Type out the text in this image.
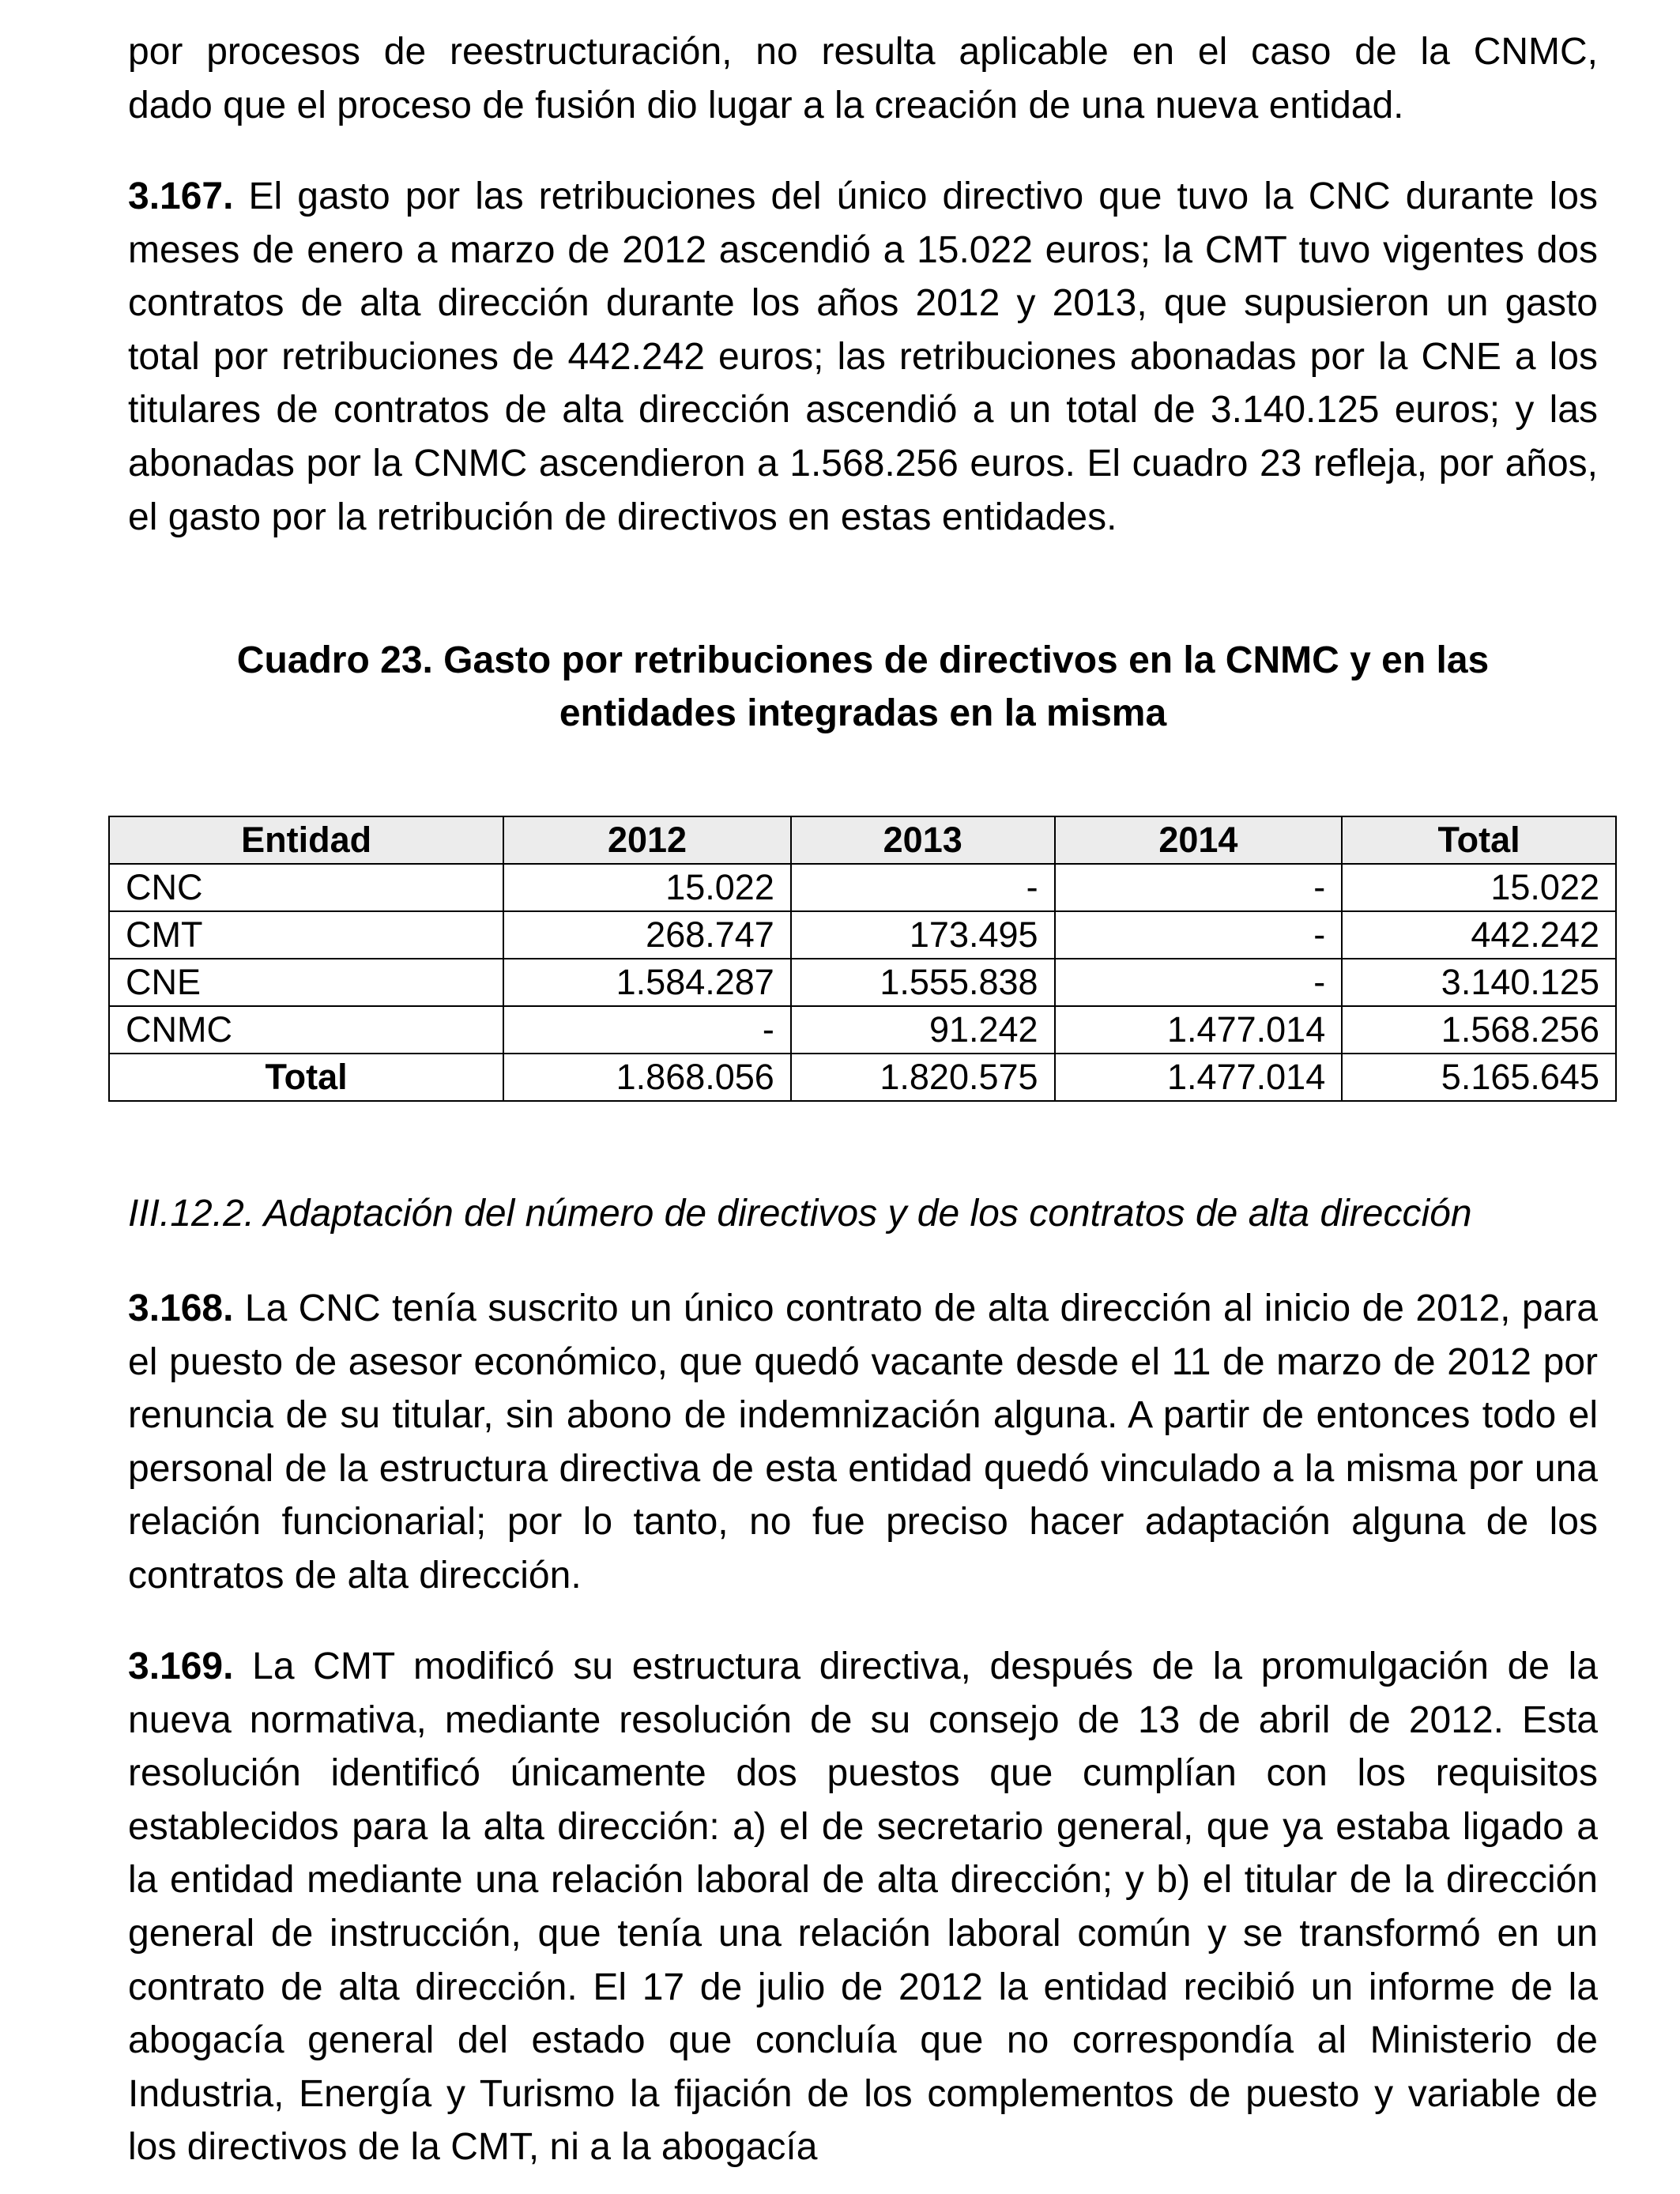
por procesos de reestructuración, no resulta aplicable en el caso de la CNMC,
dado que el proceso de fusión dio lugar a la creación de una nueva entidad.

3.167. El gasto por las retribuciones del único directivo que tuvo la CNC durante los meses de enero a marzo de 2012 ascendió a 15.022 euros; la CMT tuvo vigentes dos contratos de alta dirección durante los años 2012 y 2013, que supusieron un gasto total por retribuciones de 442.242 euros; las retribuciones abonadas por la CNE a los titulares de contratos de alta dirección ascendió a un total de 3.140.125 euros; y las abonadas por la CNMC ascendieron a 1.568.256 euros. El cuadro 23 refleja, por años, el gasto por la retribución de directivos en estas entidades.

Cuadro 23. Gasto por retribuciones de directivos en la CNMC y en las
entidades integradas en la misma

Entidad	2012	2013	2014	Total
CNC	15.022	-	-	15.022
CMT	268.747	173.495	-	442.242
CNE	1.584.287	1.555.838	-	3.140.125
CNMC	-	91.242	1.477.014	1.568.256
Total	1.868.056	1.820.575	1.477.014	5.165.645

III.12.2. Adaptación del número de directivos y de los contratos de alta dirección

3.168. La CNC tenía suscrito un único contrato de alta dirección al inicio de 2012, para el puesto de asesor económico, que quedó vacante desde el 11 de marzo de 2012 por renuncia de su titular, sin abono de indemnización alguna. A partir de entonces todo el personal de la estructura directiva de esta entidad quedó vinculado a la misma por una relación funcionarial; por lo tanto, no fue preciso hacer adaptación alguna de los contratos de alta dirección.

3.169. La CMT modificó su estructura directiva, después de la promulgación de la nueva normativa, mediante resolución de su consejo de 13 de abril de 2012. Esta resolución identificó únicamente dos puestos que cumplían con los requisitos establecidos para la alta dirección: a) el de secretario general, que ya estaba ligado a la entidad mediante una relación laboral de alta dirección; y b) el titular de la dirección general de instrucción, que tenía una relación laboral común y se transformó en un contrato de alta dirección. El 17 de julio de 2012 la entidad recibió un informe de la abogacía general del estado que concluía que no correspondía al Ministerio de Industria, Energía y Turismo la fijación de los complementos de puesto y variable de los directivos de la CMT, ni a la abogacía
